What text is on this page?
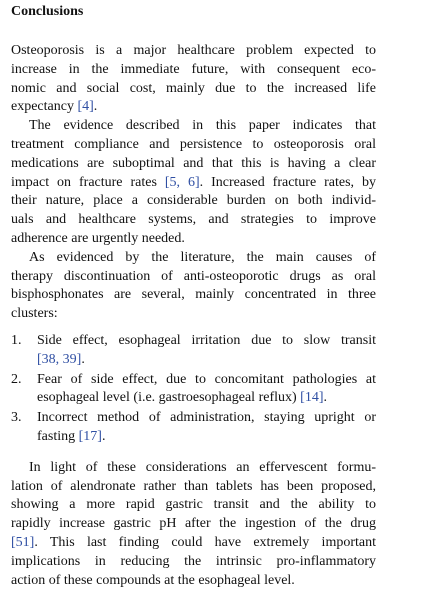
Conclusions

Osteoporosis is a major healthcare problem expected to
increase in the immediate future, with consequent eco-
nomic and social cost, mainly due to the increased life
expectancy [4].

The evidence described in this paper indicates that
treatment compliance and persistence to osteoporosis oral
medications are suboptimal and that this is having a clear
impact on fracture rates [5, 6]. Increased fracture rates, by
their nature, place a considerable burden on both individ-
uals and healthcare systems, and strategies to improve
adherence are urgently needed.

As evidenced by the literature, the main causes of
therapy discontinuation of anti-osteoporotic drugs as oral
bisphosphonates are several, mainly concentrated in three
clusters:

1. Side effect, esophageal irritation due to slow transit
[38, 39].
2. Fear of side effect, due to concomitant pathologies at
esophageal level (i.e. gastroesophageal reflux) [14].
3. Incorrect method of administration, staying upright or
fasting [17].

In light of these considerations an effervescent formu-
lation of alendronate rather than tablets has been proposed,
showing a more rapid gastric transit and the ability to
rapidly increase gastric pH after the ingestion of the drug
[51]. This last finding could have extremely important
implications in reducing the intrinsic pro-inflammatory
action of these compounds at the esophageal level.
